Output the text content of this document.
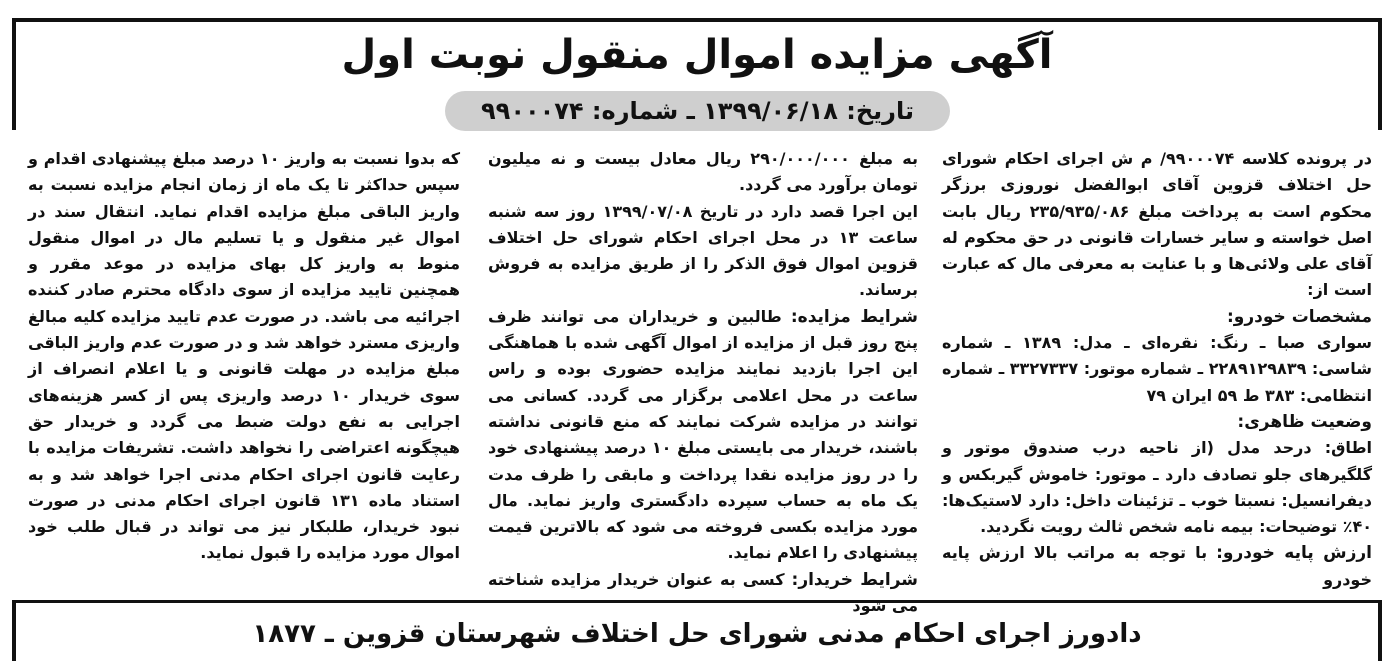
آگهی مزایده اموال منقول نوبت اول
تاریخ: ۱۳۹۹/۰۶/۱۸ ـ شماره: ۹۹۰۰۰۷۴

در پرونده کلاسه ۹۹۰۰۰۷۴/ م ش اجرای احکام شورای حل اختلاف قزوین آقای ابوالفضل نوروزی برزگر محکوم است به پرداخت مبلغ ۲۳۵/۹۳۵/۰۸۶ ریال بابت اصل خواسته و سایر خسارات قانونی در حق محکوم له آقای علی ولائی‌ها و با عنایت به معرفی مال که عبارت است از:

مشخصات خودرو:

سواری صبا ـ رنگ: نقره‌ای ـ مدل: ۱۳۸۹ ـ شماره شاسی: ۲۲۸۹۱۲۹۸۳۹ ـ شماره موتور: ۳۳۲۷۳۳۷ ـ شماره انتظامی: ۳۸۳ ط ۵۹ ایران ۷۹

وضعیت ظاهری:

اطاق: درحد مدل (از ناحیه درب صندوق موتور و گلگیرهای جلو تصادف دارد ـ موتور: خاموش گیربکس و دیفرانسیل: نسبتا خوب ـ تزئینات داخل: دارد لاستیک‌ها: ۴۰٪ توضیحات: بیمه نامه شخص ثالث رویت نگردید.

ارزش پایه خودرو: با توجه به مراتب بالا ارزش پایه خودرو

به مبلغ ۲۹۰/۰۰۰/۰۰۰ ریال معادل بیست و نه میلیون تومان برآورد می گردد.

این اجرا قصد دارد در تاریخ ۱۳۹۹/۰۷/۰۸ روز سه شنبه ساعت ۱۳ در محل اجرای احکام شورای حل اختلاف قزوین اموال فوق الذکر را از طریق مزایده به فروش برساند.

شرایط مزایده: طالبین و خریداران می توانند ظرف پنج روز قبل از مزایده از اموال آگهی شده با هماهنگی این اجرا بازدید نمایند مزایده حضوری بوده و راس ساعت در محل اعلامی برگزار می گردد. کسانی می توانند در مزایده شرکت نمایند که منع قانونی نداشته باشند، خریدار می بایستی مبلغ ۱۰ درصد پیشنهادی خود را در روز مزایده نقدا پرداخت و مابقی را ظرف مدت یک ماه به حساب سپرده دادگستری واریز نماید. مال مورد مزایده بکسی فروخته می شود که بالاترین قیمت پیشنهادی را اعلام نماید.

شرایط خریدار: کسی به عنوان خریدار مزایده شناخته می شود

که بدوا نسبت به واریز ۱۰ درصد مبلغ پیشنهادی اقدام و سپس حداکثر تا یک ماه از زمان انجام مزایده نسبت به واریز الباقی مبلغ مزایده اقدام نماید. انتقال سند در اموال غیر منقول و یا تسلیم مال در اموال منقول منوط به واریز کل بهای مزایده در موعد مقرر و همچنین تایید مزایده از سوی دادگاه محترم صادر کننده اجرائیه می باشد. در صورت عدم تایید مزایده کلیه مبالغ واریزی مسترد خواهد شد و در صورت عدم واریز الباقی مبلغ مزایده در مهلت قانونی و یا اعلام انصراف از سوی خریدار ۱۰ درصد واریزی پس از کسر هزینه‌های اجرایی به نفع دولت ضبط می گردد و خریدار حق هیچگونه اعتراضی را نخواهد داشت. تشریفات مزایده با رعایت قانون اجرای احکام مدنی اجرا خواهد شد و به استناد ماده ۱۳۱ قانون اجرای احکام مدنی در صورت نبود خریدار، طلبکار نیز می تواند در قبال طلب خود اموال مورد مزایده را قبول نماید.

دادورز اجرای احکام مدنی شورای حل اختلاف شهرستان قزوین ـ ۱۸۷۷
